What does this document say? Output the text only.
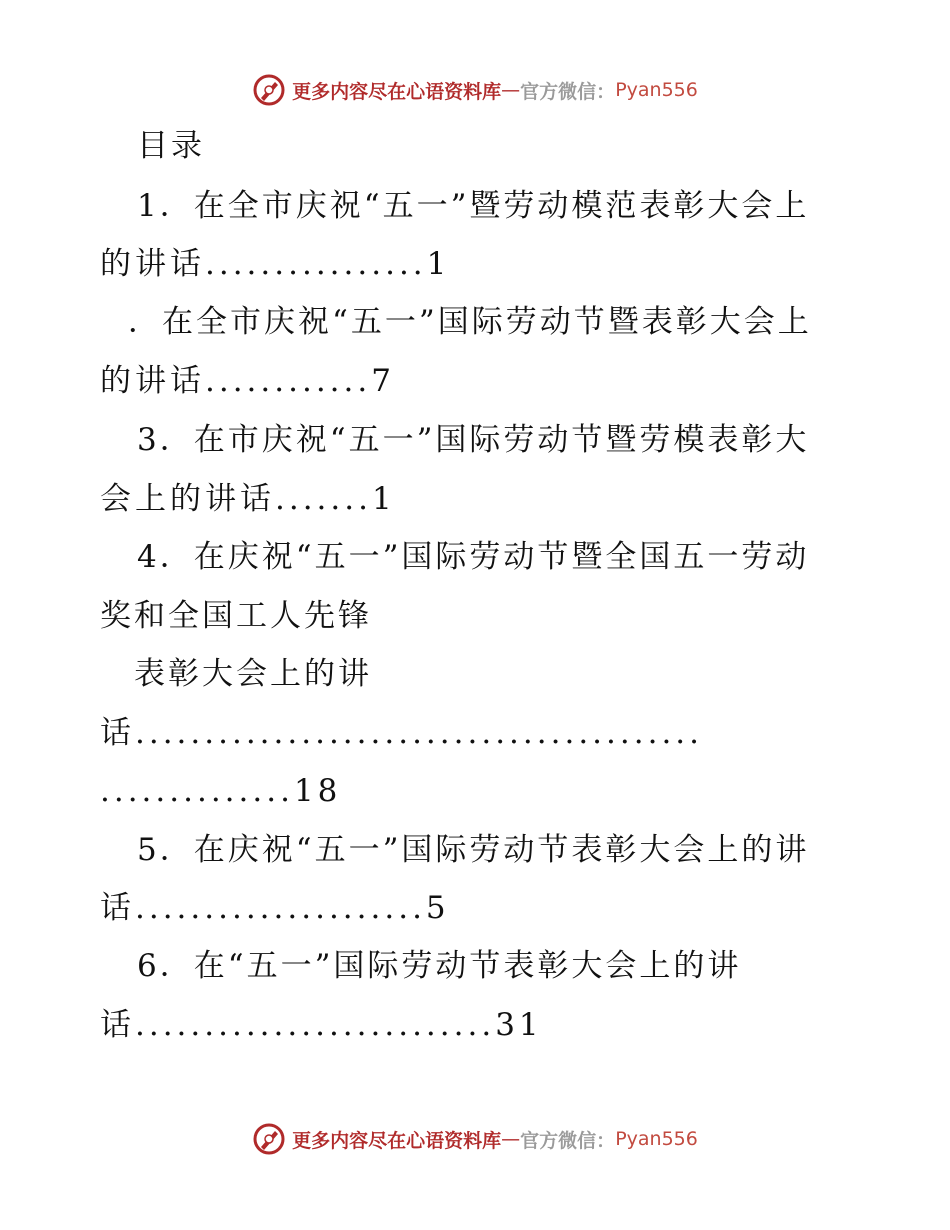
更多内容尽在心语资料库 — 官方微信： Pyan556
目录
1．在全市庆祝“五一”暨劳动模范表彰大会上
的讲话................1
．在全市庆祝“五一”国际劳动节暨表彰大会上
的讲话............7
3．在市庆祝“五一”国际劳动节暨劳模表彰大
会上的讲话.......1
4．在庆祝“五一”国际劳动节暨全国五一劳动
奖和全国工人先锋
表彰大会上的讲
话.........................................
..............18
5．在庆祝“五一”国际劳动节表彰大会上的讲
话.....................5
6．在“五一”国际劳动节表彰大会上的讲
话..........................31
更多内容尽在心语资料库 — 官方微信： Pyan556
